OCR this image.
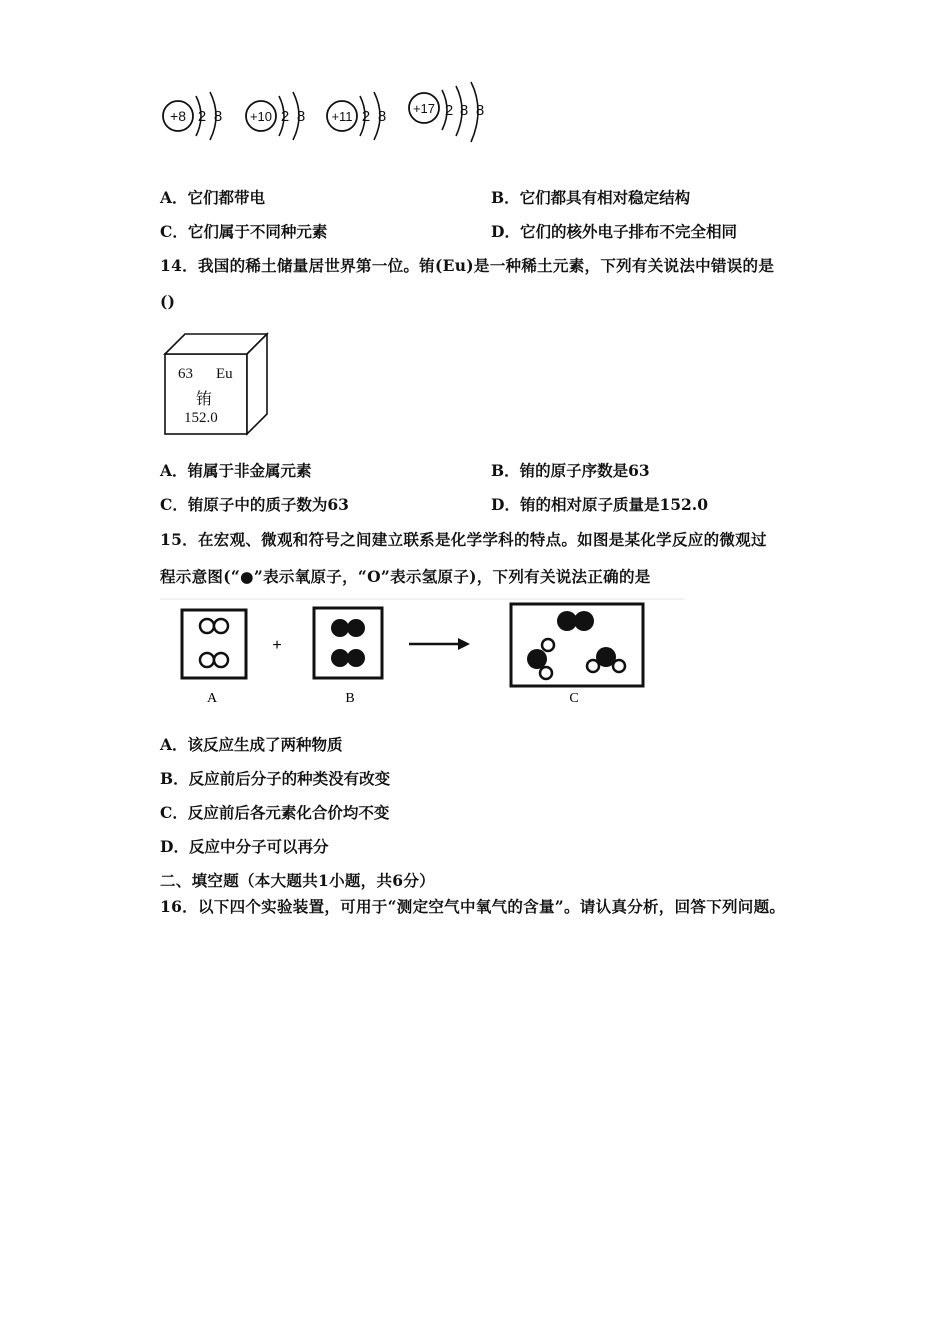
+8 2 8 +10 2 8 +11 2 8 +17 2 8 8
A．它们都带电	B．它们都具有相对稳定结构
C．它们属于不同种元素	D．它们的核外电子排布不完全相同
14．我国的稀土储量居世界第一位。铕(Eu)是一种稀土元素，下列有关说法中错误的是
()
63 Eu
铕
152.0
A．铕属于非金属元素	B．铕的原子序数是63
C．铕原子中的质子数为63	D．铕的相对原子质量是152.0
15．在宏观、微观和符号之间建立联系是化学学科的特点。如图是某化学反应的微观过
程示意图(“●”表示氧原子，“O”表示氢原子)，下列有关说法正确的是
+
A	B	C
A．该反应生成了两种物质
B．反应前后分子的种类没有改变
C．反应前后各元素化合价均不变
D．反应中分子可以再分
二、填空题（本大题共1小题，共6分）
16．以下四个实验装置，可用于“测定空气中氧气的含量”。请认真分析，回答下列问题。
